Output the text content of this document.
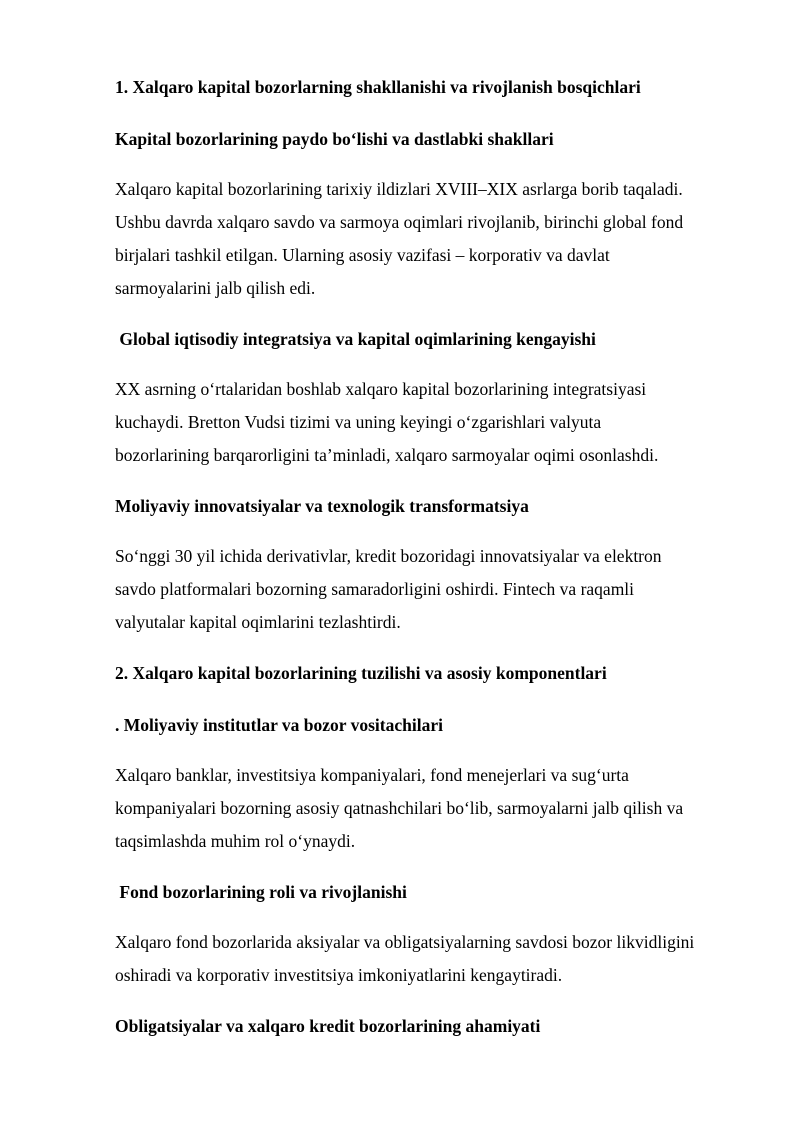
1. Xalqaro kapital bozorlarning shakllanishi va rivojlanish bosqichlari
Kapital bozorlarining paydo bo‘lishi va dastlabki shakllari
Xalqaro kapital bozorlarining tarixiy ildizlari XVIII–XIX asrlarga borib taqaladi.
Ushbu davrda xalqaro savdo va sarmoya oqimlari rivojlanib, birinchi global fond
birjalari tashkil etilgan. Ularning asosiy vazifasi – korporativ va davlat
sarmoyalarini jalb qilish edi.
Global iqtisodiy integratsiya va kapital oqimlarining kengayishi
XX asrning o‘rtalaridan boshlab xalqaro kapital bozorlarining integratsiyasi
kuchaydi. Bretton Vudsi tizimi va uning keyingi o‘zgarishlari valyuta
bozorlarining barqarorligini ta’minladi, xalqaro sarmoyalar oqimi osonlashdi.
Moliyaviy innovatsiyalar va texnologik transformatsiya
So‘nggi 30 yil ichida derivativlar, kredit bozoridagi innovatsiyalar va elektron
savdo platformalari bozorning samaradorligini oshirdi. Fintech va raqamli
valyutalar kapital oqimlarini tezlashtirdi.
2. Xalqaro kapital bozorlarining tuzilishi va asosiy komponentlari
. Moliyaviy institutlar va bozor vositachilari
Xalqaro banklar, investitsiya kompaniyalari, fond menejerlari va sug‘urta
kompaniyalari bozorning asosiy qatnashchilari bo‘lib, sarmoyalarni jalb qilish va
taqsimlashda muhim rol o‘ynaydi.
Fond bozorlarining roli va rivojlanishi
Xalqaro fond bozorlarida aksiyalar va obligatsiyalarning savdosi bozor likvidligini
oshiradi va korporativ investitsiya imkoniyatlarini kengaytiradi.
Obligatsiyalar va xalqaro kredit bozorlarining ahamiyati
